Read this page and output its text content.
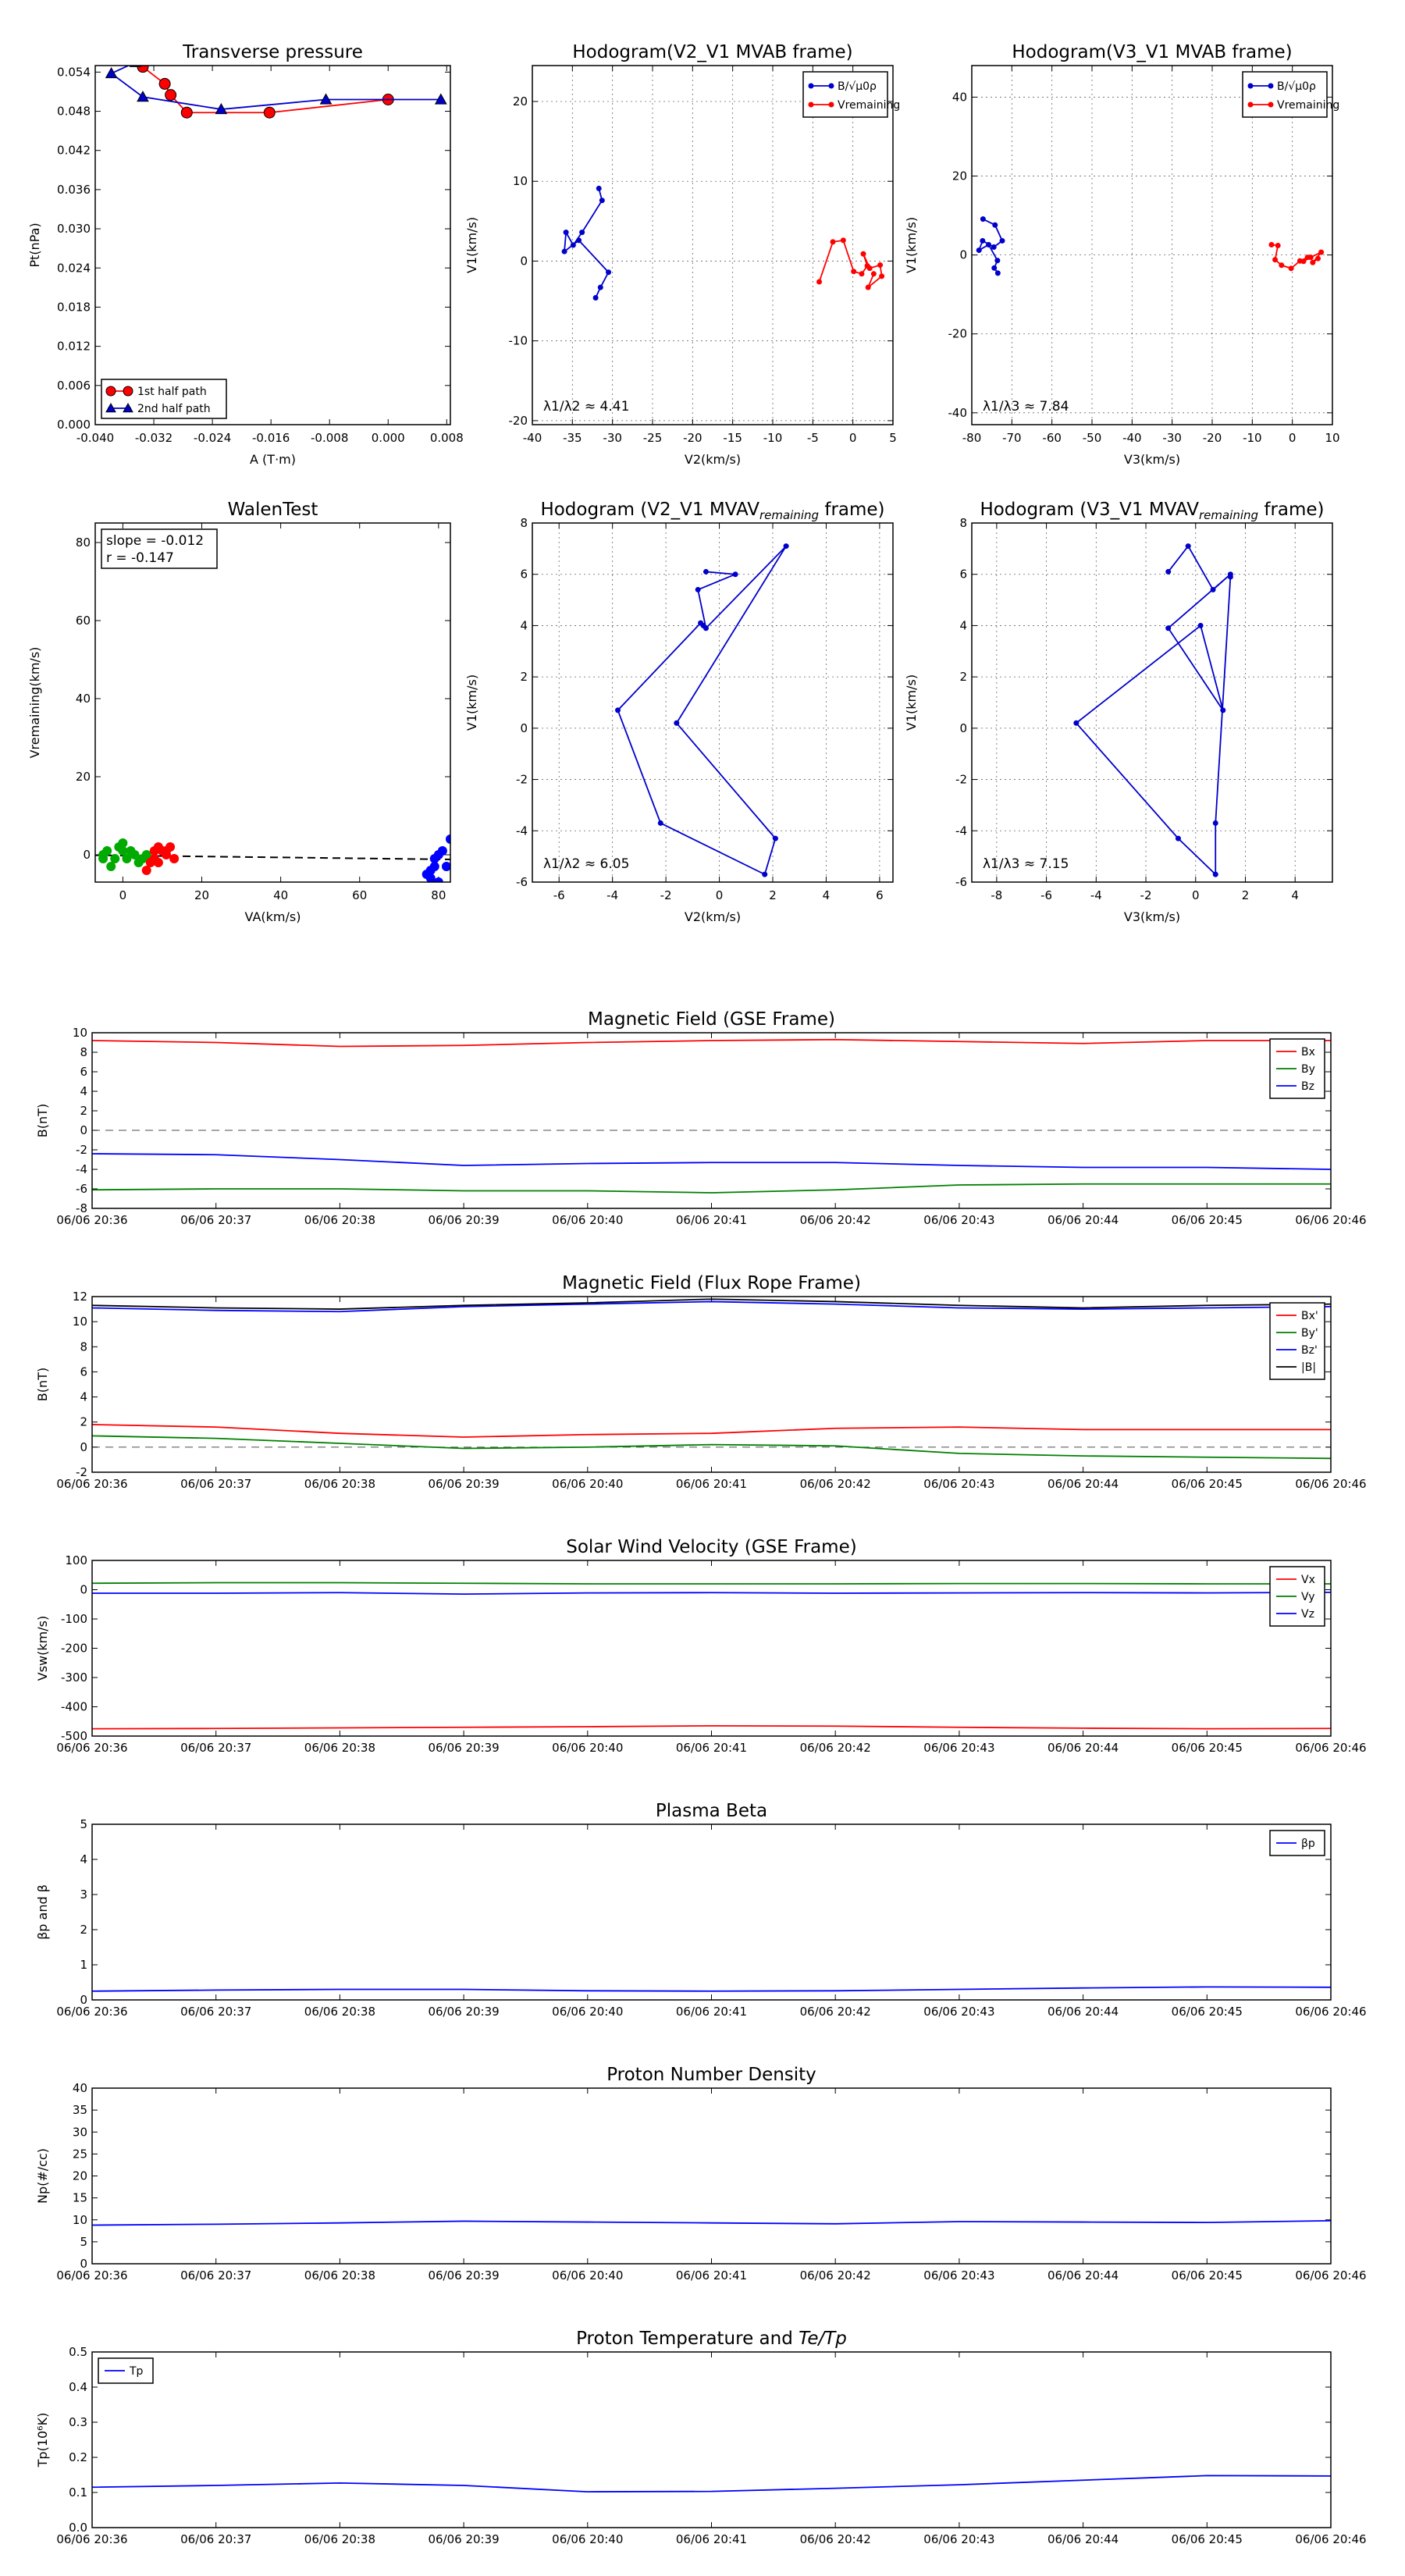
-0.040 -0.032 -0.024 -0.016 -0.008 0.000 0.008
0.000
0.006
0.012
0.018
0.024
0.030
0.036
0.042
0.048
0.054
Transverse pressure
A (T·m)
Pt(nPa)
1st half path
2nd half path
-40 -35 -30 -25 -20 -15 -10 -5	0	5
-20
-10
0
10
20
Hodogram(V2_V1 MVAB frame)
V2(km/s)
V1(km/s)
λ1/λ2 ≈ 4.41
B/√μ0ρ
Vremaining
-80 -70 -60 -50 -40 -30 -20 -10 0 10
-40
-20
0
20
40
Hodogram(V3_V1 MVAB frame)
V3(km/s)
V1(km/s)
λ1/λ3 ≈ 7.84
B/√μ0ρ
Vremaining
0	20	40	60	80
0
20
40
60
80
WalenTest
VA(km/s)
Vremaining(km/s)
slope = -0.012
r = -0.147
-6	-4	-2	0	2	4	6
-6
-4
-2
0
2
4
6
8
Hodogram (V2_V1 $MVAV_{remaining}$ frame)
V2(km/s)
V1(km/s)
λ1/λ2 ≈ 6.05
-8	-6	-4	-2	0	2	4
-6
-4
-2
0
2
4
6
8
Hodogram (V3_V1 $MVAV_{remaining}$ frame)
V3(km/s)
V1(km/s)
λ1/λ3 ≈ 7.15
06/06 20:36	06/06 20:37	06/06 20:38	06/06 20:39	06/06 20:40	06/06 20:41	06/06 20:42	06/06 20:43	06/06 20:44	06/06 20:45	06/06 20:46
-8
-6
-4
-2
0
2
4
6
8
10
Magnetic Field (GSE Frame)
B(nT)
Bx
By
Bz
06/06 20:36	06/06 20:37	06/06 20:38	06/06 20:39	06/06 20:40	06/06 20:41	06/06 20:42	06/06 20:43	06/06 20:44	06/06 20:45	06/06 20:46
-2
0
2
4
6
8
10
12
Magnetic Field (Flux Rope Frame)
B(nT)
Bx'
By'
Bz'
|B|
06/06 20:36	06/06 20:37	06/06 20:38	06/06 20:39	06/06 20:40	06/06 20:41	06/06 20:42	06/06 20:43	06/06 20:44	06/06 20:45	06/06 20:46
-500
-400
-300
-200
-100
0
100
Solar Wind Velocity (GSE Frame)
Vsw(km/s)
Vx
Vy
Vz
06/06 20:36	06/06 20:37	06/06 20:38	06/06 20:39	06/06 20:40	06/06 20:41	06/06 20:42	06/06 20:43	06/06 20:44	06/06 20:45	06/06 20:46
0
1
2
3
4
5
Plasma Beta
βp and β
βp
06/06 20:36	06/06 20:37	06/06 20:38	06/06 20:39	06/06 20:40	06/06 20:41	06/06 20:42	06/06 20:43	06/06 20:44	06/06 20:45	06/06 20:46
0
5
10
15
20
25
30
35
40
Proton Number Density
Np(#/cc)
06/06 20:36	06/06 20:37	06/06 20:38	06/06 20:39	06/06 20:40	06/06 20:41	06/06 20:42	06/06 20:43	06/06 20:44	06/06 20:45	06/06 20:46
0.0
0.1
0.2
0.3
0.4
0.5
Proton Temperature and Te/Tp
Tp(10⁶K)
Tp
